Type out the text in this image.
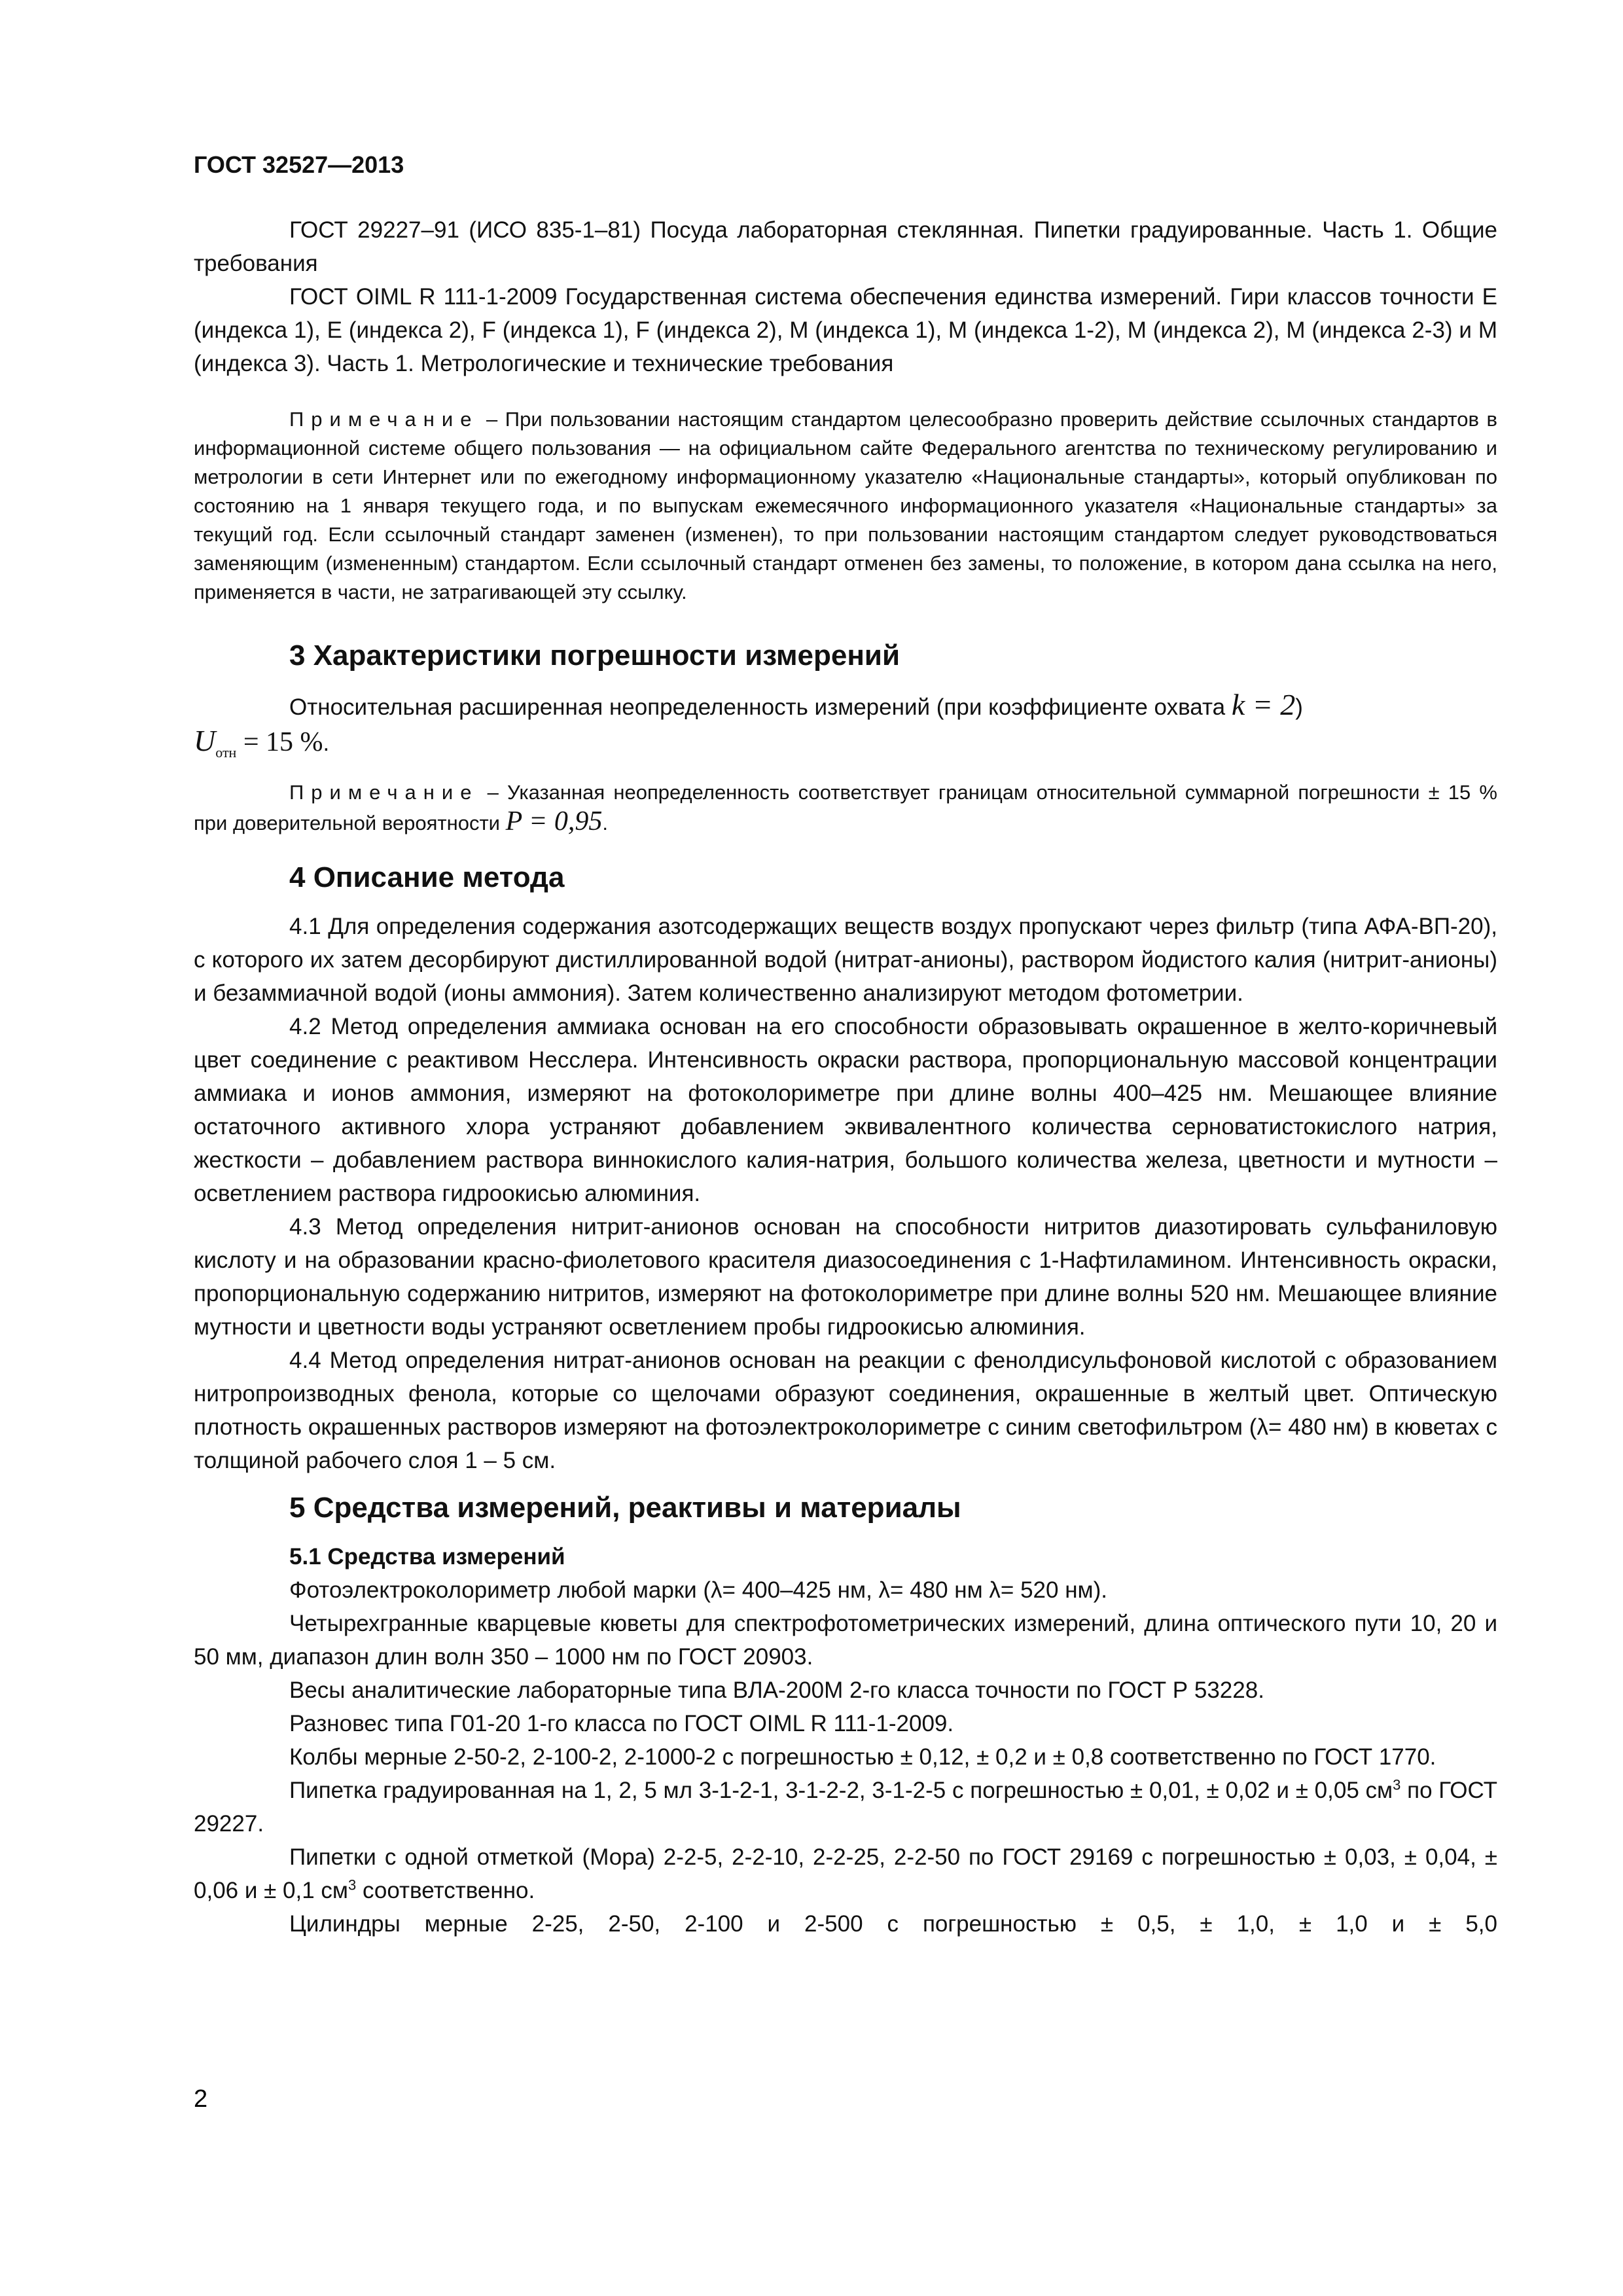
ГОСТ 32527—2013

ГОСТ 29227–91 (ИСО 835-1–81) Посуда лабораторная стеклянная. Пипетки градуированные. Часть 1. Общие требования

ГОСТ OIML R 111-1-2009 Государственная система обеспечения единства измерений. Гири классов точности E (индекса 1), E (индекса 2), F (индекса 1), F (индекса 2), M (индекса 1), M (индекса 1-2), M (индекса 2), M (индекса 2-3) и M (индекса 3). Часть 1. Метрологические и технические требования

Примечание – При пользовании настоящим стандартом целесообразно проверить действие ссылочных стандартов в информационной системе общего пользования — на официальном сайте Федерального агентства по техническому регулированию и метрологии в сети Интернет или по ежегодному информационному указателю «Национальные стандарты», который опубликован по состоянию на 1 января текущего года, и по выпускам ежемесячного информационного указателя «Национальные стандарты» за текущий год. Если ссылочный стандарт заменен (изменен), то при пользовании настоящим стандартом следует руководствоваться заменяющим (измененным) стандартом. Если ссылочный стандарт отменен без замены, то положение, в котором дана ссылка на него, применяется в части, не затрагивающей эту ссылку.
3 Характеристики погрешности измерений

Относительная расширенная неопределенность измерений (при коэффициенте охвата k = 2)

$U_{отн} = 15$ %.

Примечание – Указанная неопределенность соответствует границам относительной суммарной погрешности ± 15 % при доверительной вероятности P = 0,95.
4 Описание метода

4.1 Для определения содержания азотсодержащих веществ воздух пропускают через фильтр (типа АФА-ВП-20), с которого их затем десорбируют дистиллированной водой (нитрат-анионы), раствором йодистого калия (нитрит-анионы) и безаммиачной водой (ионы аммония). Затем количественно анализируют методом фотометрии.

4.2 Метод определения аммиака основан на его способности образовывать окрашенное в желто-коричневый цвет соединение с реактивом Несслера. Интенсивность окраски раствора, пропорциональную массовой концентрации аммиака и ионов аммония, измеряют на фотоколориметре при длине волны 400–425 нм. Мешающее влияние остаточного активного хлора устраняют добавлением эквивалентного количества серноватистокислого натрия, жесткости – добавлением раствора виннокислого калия-натрия, большого количества железа, цветности и мутности – осветлением раствора гидроокисью алюминия.

4.3 Метод определения нитрит-анионов основан на способности нитритов диазотировать сульфаниловую кислоту и на образовании красно-фиолетового красителя диазосоединения с 1-Нафтиламином. Интенсивность окраски, пропорциональную содержанию нитритов, измеряют на фотоколориметре при длине волны 520 нм. Мешающее влияние мутности и цветности воды устраняют осветлением пробы гидроокисью алюминия.

4.4 Метод определения нитрат-анионов основан на реакции с фенолдисульфоновой кислотой с образованием нитропроизводных фенола, которые со щелочами образуют соединения, окрашенные в желтый цвет. Оптическую плотность окрашенных растворов измеряют на фотоэлектроколориметре с синим светофильтром (λ= 480 нм) в кюветах с толщиной рабочего слоя 1 – 5 см.

5 Средства измерений, реактивы и материалы
5.1 Средства измерений

Фотоэлектроколориметр любой марки (λ= 400–425 нм, λ= 480 нм λ= 520 нм).

Четырехгранные кварцевые кюветы для спектрофотометрических измерений, длина оптического пути 10, 20 и 50 мм, диапазон длин волн 350 – 1000 нм по ГОСТ 20903.

Весы аналитические лабораторные типа ВЛА-200М 2-го класса точности по ГОСТ Р 53228.

Разновес типа Г01-20 1-го класса по ГОСТ OIML R 111-1-2009.

Колбы мерные 2-50-2, 2-100-2, 2-1000-2 с погрешностью ± 0,12, ± 0,2 и ± 0,8 соответственно по ГОСТ 1770.

Пипетка градуированная на 1, 2, 5 мл 3-1-2-1, 3-1-2-2, 3-1-2-5 с погрешностью ± 0,01, ± 0,02 и ± 0,05 $см^3$ по ГОСТ 29227.

Пипетки с одной отметкой (Мора) 2-2-5, 2-2-10, 2-2-25, 2-2-50 по ГОСТ 29169 с погрешностью ± 0,03, ± 0,04, ± 0,06 и ± 0,1 $см^3$ соответственно.

Цилиндры мерные 2-25, 2-50, 2-100 и 2-500 с погрешностью ± 0,5, ± 1,0, ± 1,0 и ± 5,0

2
